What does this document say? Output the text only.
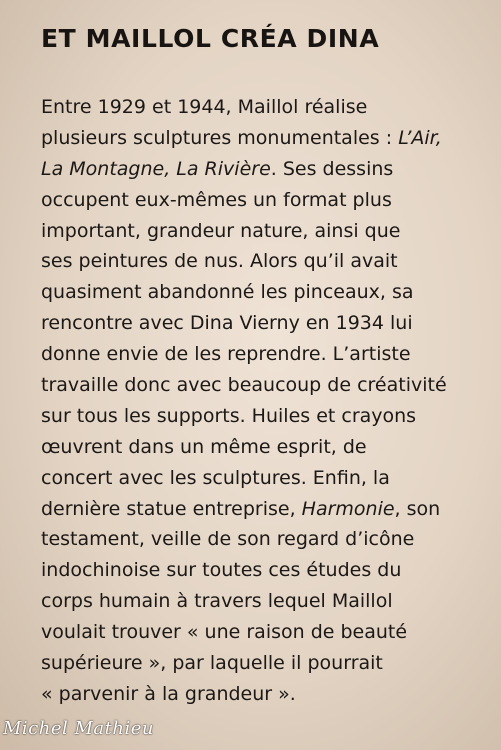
ET MAILLOL CRÉA DINA
Entre 1929 et 1944, Maillol réalise
plusieurs sculptures monumentales : L’Air,
La Montagne, La Rivière. Ses dessins
occupent eux-mêmes un format plus
important, grandeur nature, ainsi que
ses peintures de nus. Alors qu’il avait
quasiment abandonné les pinceaux, sa
rencontre avec Dina Vierny en 1934 lui
donne envie de les reprendre. L’artiste
travaille donc avec beaucoup de créativité
sur tous les supports. Huiles et crayons
œuvrent dans un même esprit, de
concert avec les sculptures. Enfin, la
dernière statue entreprise, Harmonie, son
testament, veille de son regard d’icône
indochinoise sur toutes ces études du
corps humain à travers lequel Maillol
voulait trouver « une raison de beauté
supérieure », par laquelle il pourrait
« parvenir à la grandeur ».
Michel Mathieu
